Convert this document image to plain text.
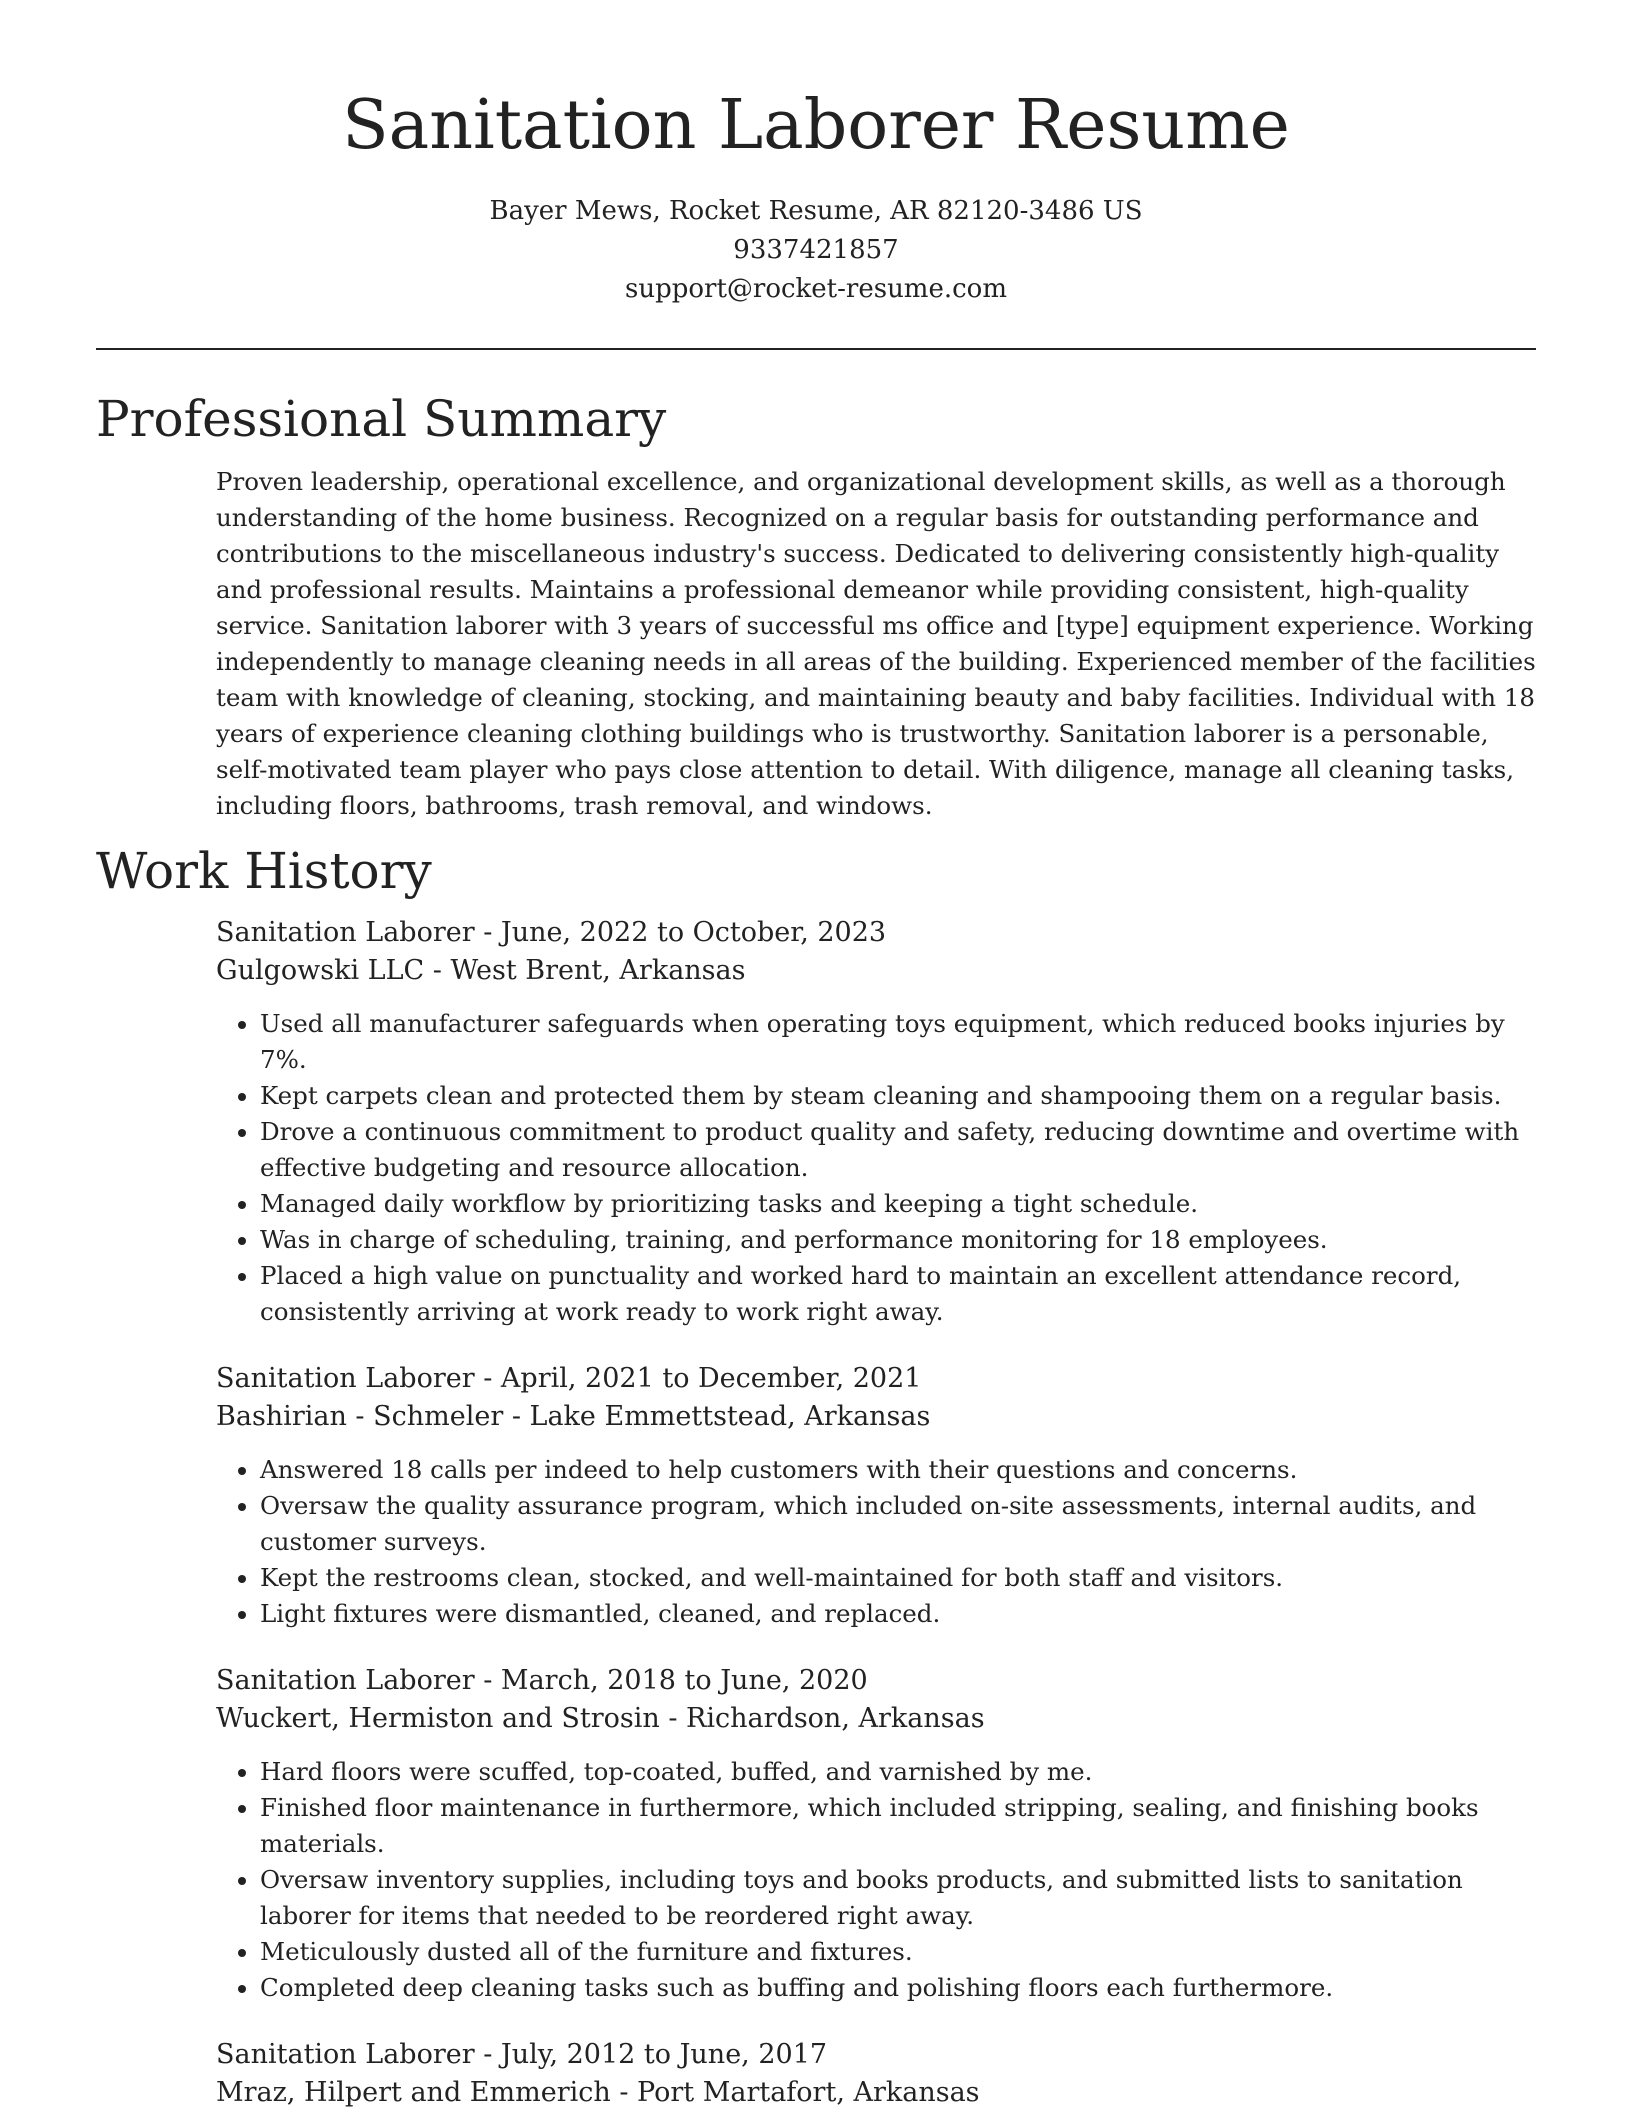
Sanitation Laborer Resume
Bayer Mews, Rocket Resume, AR 82120-3486 US
9337421857
support@rocket-resume.com
Professional Summary
Proven leadership, operational excellence, and organizational development skills, as well as a thorough understanding of the home business. Recognized on a regular basis for outstanding performance and contributions to the miscellaneous industry's success. Dedicated to delivering consistently high-quality and professional results. Maintains a professional demeanor while providing consistent, high-quality service. Sanitation laborer with 3 years of successful ms office and [type] equipment experience. Working independently to manage cleaning needs in all areas of the building. Experienced member of the facilities team with knowledge of cleaning, stocking, and maintaining beauty and baby facilities. Individual with 18 years of experience cleaning clothing buildings who is trustworthy. Sanitation laborer is a personable, self-motivated team player who pays close attention to detail. With diligence, manage all cleaning tasks, including floors, bathrooms, trash removal, and windows.
Work History
Sanitation Laborer - June, 2022 to October, 2023
Gulgowski LLC - West Brent, Arkansas
• Used all manufacturer safeguards when operating toys equipment, which reduced books injuries by 7%.
• Kept carpets clean and protected them by steam cleaning and shampooing them on a regular basis.
• Drove a continuous commitment to product quality and safety, reducing downtime and overtime with effective budgeting and resource allocation.
• Managed daily workflow by prioritizing tasks and keeping a tight schedule.
• Was in charge of scheduling, training, and performance monitoring for 18 employees.
• Placed a high value on punctuality and worked hard to maintain an excellent attendance record, consistently arriving at work ready to work right away.
Sanitation Laborer - April, 2021 to December, 2021
Bashirian - Schmeler - Lake Emmettstead, Arkansas
• Answered 18 calls per indeed to help customers with their questions and concerns.
• Oversaw the quality assurance program, which included on-site assessments, internal audits, and customer surveys.
• Kept the restrooms clean, stocked, and well-maintained for both staff and visitors.
• Light fixtures were dismantled, cleaned, and replaced.
Sanitation Laborer - March, 2018 to June, 2020
Wuckert, Hermiston and Strosin - Richardson, Arkansas
• Hard floors were scuffed, top-coated, buffed, and varnished by me.
• Finished floor maintenance in furthermore, which included stripping, sealing, and finishing books materials.
• Oversaw inventory supplies, including toys and books products, and submitted lists to sanitation laborer for items that needed to be reordered right away.
• Meticulously dusted all of the furniture and fixtures.
• Completed deep cleaning tasks such as buffing and polishing floors each furthermore.
Sanitation Laborer - July, 2012 to June, 2017
Mraz, Hilpert and Emmerich - Port Martafort, Arkansas
